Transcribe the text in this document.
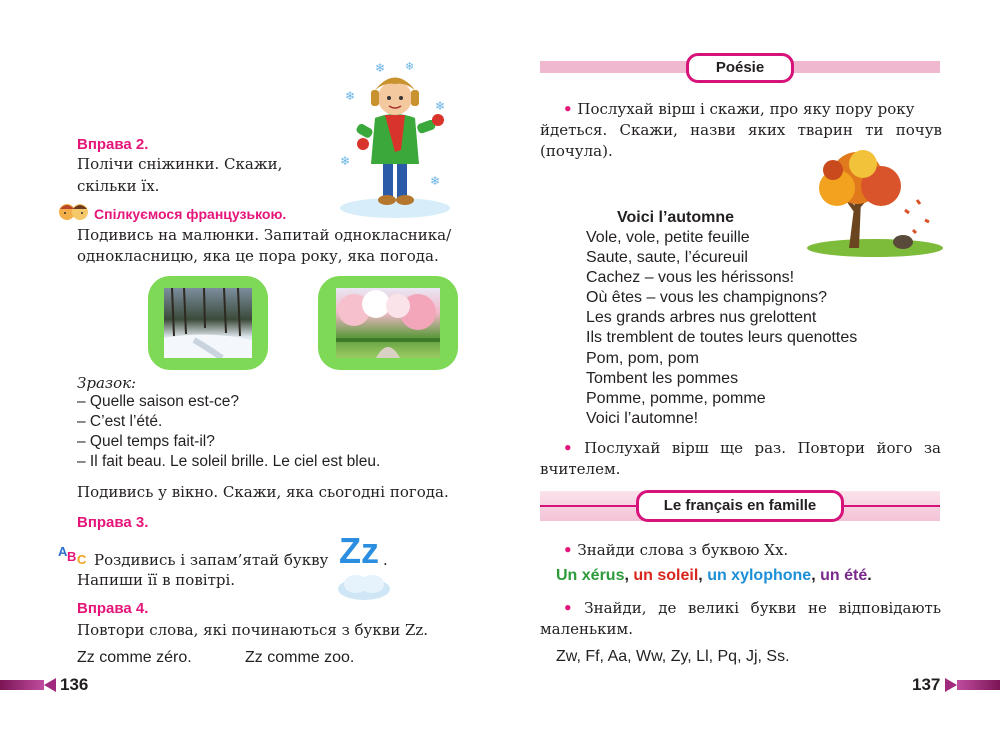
❄
❄
❄
❄
❄
❄
Вправа 2.
Полічи сніжинки. Скажи,
скільки їх.
Спілкуємося французькою.
Подивись на малюнки. Запитай однокласника/
однокласницю, яка це пора року, яка погода.
Зразок:
– Quelle saison est-ce?
– C’est l’été.
– Quel temps fait-il?
– Il fait beau. Le soleil brille. Le ciel est bleu.
Подивись у вікно. Скажи, яка сьогодні погода.
Вправа 3.
A B C Роздивись і запам’ятай букву Zz .
Напиши її в повітрі.
Вправа 4.
Повтори слова, які починаються з букви Zz.
Zz comme zéro.	Zz comme zoo.
136
Poésie
• Послухай вірш і скажи, про яку пору року
йдеться. Скажи, назви яких тварин ти почув
(почула).
Voici l’automne
Vole, vole, petite feuille
Saute, saute, l’écureuil
Cachez – vous les hérissons!
Où êtes – vous les champignons?
Les grands arbres nus grelottent
Ils tremblent de toutes leurs quenottes
Pom, pom, pom
Tombent les pommes
Pomme, pomme, pomme
Voici l’automne!
• Послухай вірш ще раз. Повтори його за
вчителем.
Le français en famille
• Знайди слова з буквою Хх.
Un xérus, un soleil, un xylophone, un été.
• Знайди, де великі букви не відповідають
маленьким.
Zw, Ff, Aa, Ww, Zy, Ll, Pq, Jj, Ss.
137
